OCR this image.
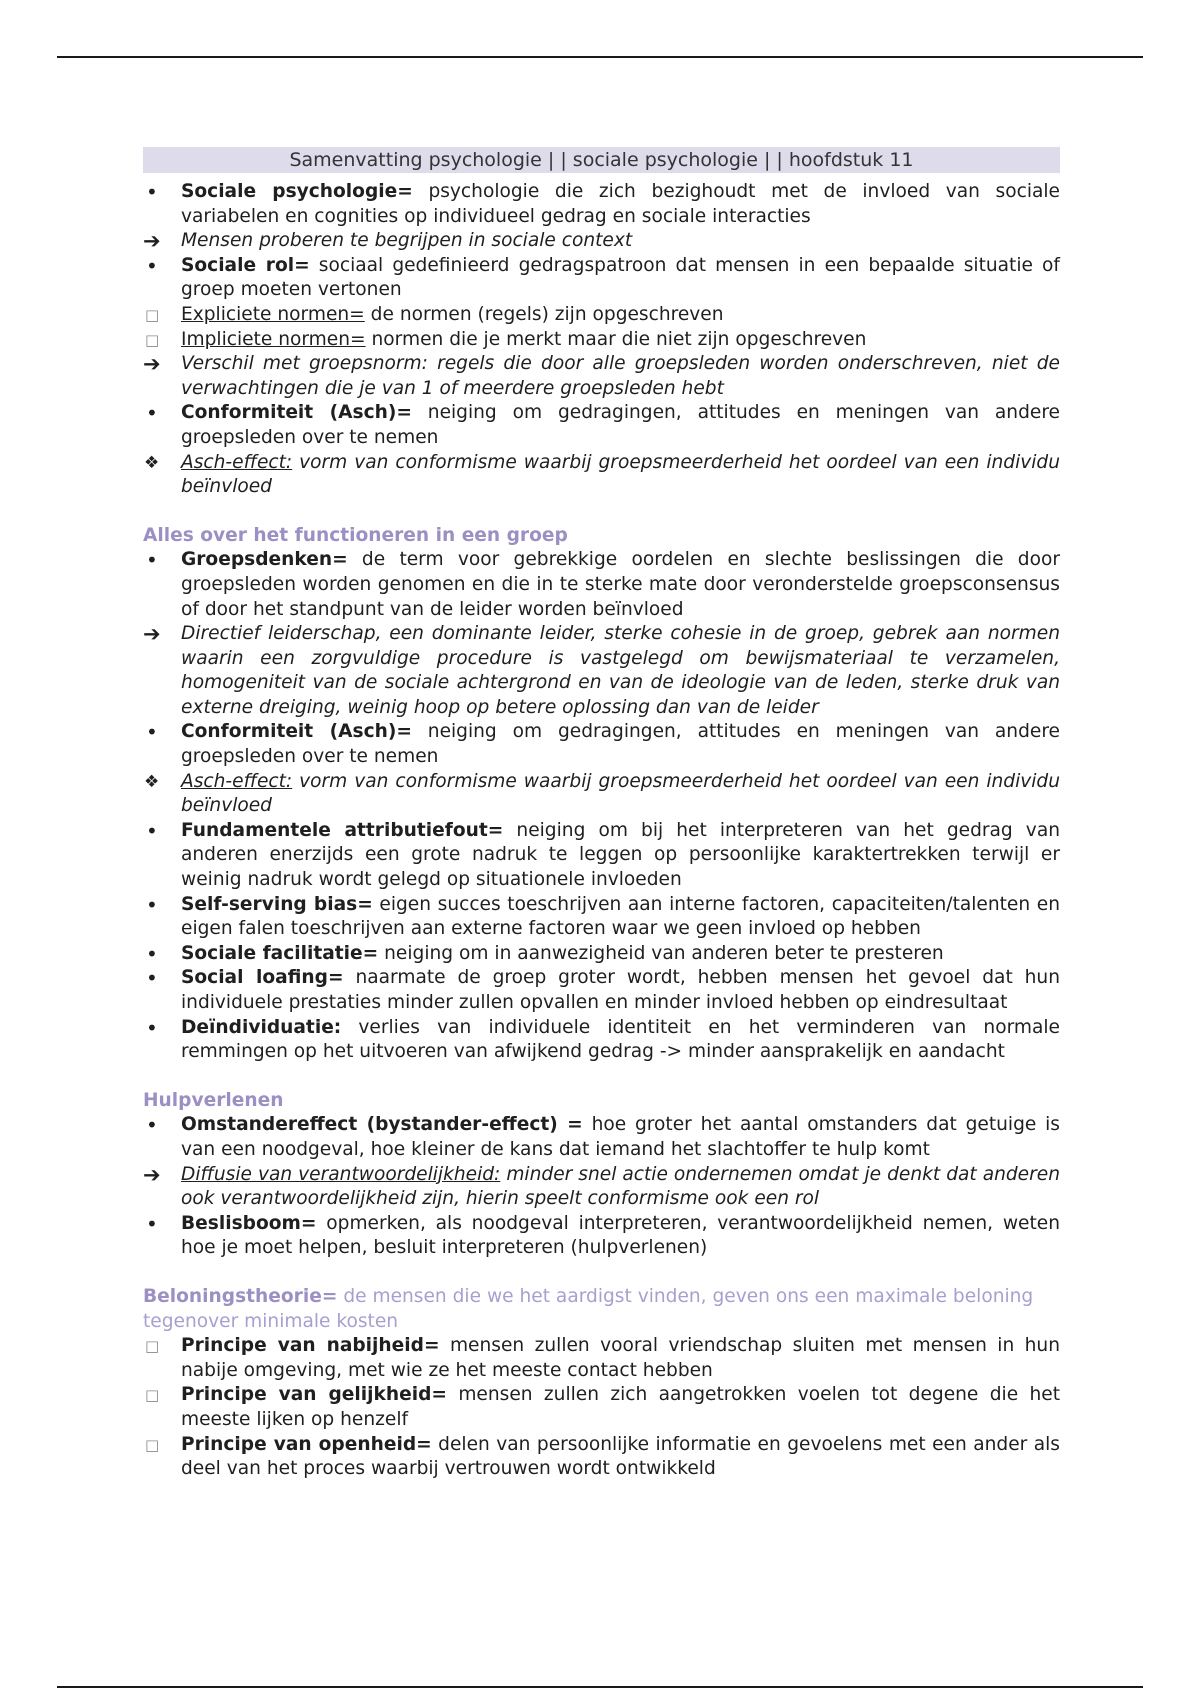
Samenvatting psychologie | | sociale psychologie | | hoofdstuk 11
•	Sociale psychologie= psychologie die zich bezighoudt met de invloed van sociale variabelen en cognities op individueel gedrag en sociale interacties
➔ Mensen proberen te begrijpen in sociale context
•	Sociale rol= sociaal gedefinieerd gedragspatroon dat mensen in een bepaalde situatie of groep moeten vertonen
□	Expliciete normen= de normen (regels) zijn opgeschreven
□	Impliciete normen= normen die je merkt maar die niet zijn opgeschreven
➔ Verschil met groepsnorm: regels die door alle groepsleden worden onderschreven, niet de verwachtingen die je van 1 of meerdere groepsleden hebt
•	Conformiteit (Asch)= neiging om gedragingen, attitudes en meningen van andere groepsleden over te nemen
❖	Asch-effect: vorm van conformisme waarbij groepsmeerderheid het oordeel van een individu beïnvloed
Alles over het functioneren in een groep
•	Groepsdenken= de term voor gebrekkige oordelen en slechte beslissingen die door groepsleden worden genomen en die in te sterke mate door veronderstelde groepsconsensus of door het standpunt van de leider worden beïnvloed
➔ Directief leiderschap, een dominante leider, sterke cohesie in de groep, gebrek aan normen waarin een zorgvuldige procedure is vastgelegd om bewijsmateriaal te verzamelen, homogeniteit van de sociale achtergrond en van de ideologie van de leden, sterke druk van externe dreiging, weinig hoop op betere oplossing dan van de leider
•	Conformiteit (Asch)= neiging om gedragingen, attitudes en meningen van andere groepsleden over te nemen
❖	Asch-effect: vorm van conformisme waarbij groepsmeerderheid het oordeel van een individu beïnvloed
•	Fundamentele attributiefout= neiging om bij het interpreteren van het gedrag van anderen enerzijds een grote nadruk te leggen op persoonlijke karaktertrekken terwijl er weinig nadruk wordt gelegd op situationele invloeden
•	Self-serving bias= eigen succes toeschrijven aan interne factoren, capaciteiten/talenten en eigen falen toeschrijven aan externe factoren waar we geen invloed op hebben
•	Sociale facilitatie= neiging om in aanwezigheid van anderen beter te presteren
•	Social loafing= naarmate de groep groter wordt, hebben mensen het gevoel dat hun individuele prestaties minder zullen opvallen en minder invloed hebben op eindresultaat
•	Deïndividuatie: verlies van individuele identiteit en het verminderen van normale remmingen op het uitvoeren van afwijkend gedrag -> minder aansprakelijk en aandacht
Hulpverlenen
•	Omstandereffect (bystander-effect) = hoe groter het aantal omstanders dat getuige is van een noodgeval, hoe kleiner de kans dat iemand het slachtoffer te hulp komt
➔ Diffusie van verantwoordelijkheid: minder snel actie ondernemen omdat je denkt dat anderen ook verantwoordelijkheid zijn, hierin speelt conformisme ook een rol
•	Beslisboom= opmerken, als noodgeval interpreteren, verantwoordelijkheid nemen, weten hoe je moet helpen, besluit interpreteren (hulpverlenen)
Beloningstheorie= de mensen die we het aardigst vinden, geven ons een maximale beloning tegenover minimale kosten
□	Principe van nabijheid= mensen zullen vooral vriendschap sluiten met mensen in hun nabije omgeving, met wie ze het meeste contact hebben
□	Principe van gelijkheid= mensen zullen zich aangetrokken voelen tot degene die het meeste lijken op henzelf
□	Principe van openheid= delen van persoonlijke informatie en gevoelens met een ander als deel van het proces waarbij vertrouwen wordt ontwikkeld
